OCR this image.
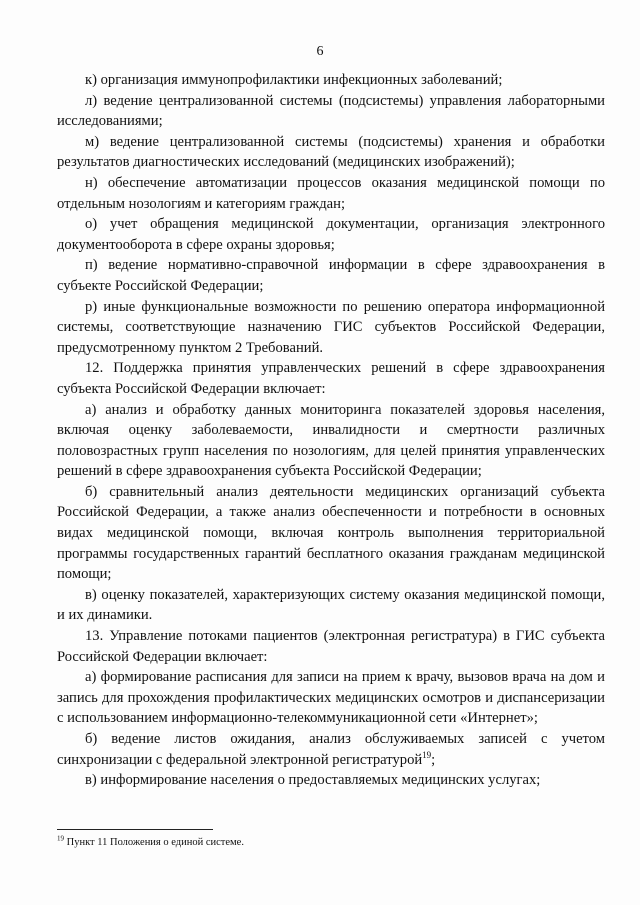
6

к) организация иммунопрофилактики инфекционных заболеваний;

л) ведение централизованной системы (подсистемы) управления лабораторными исследованиями;

м) ведение централизованной системы (подсистемы) хранения и обработки результатов диагностических исследований (медицинских изображений);

н) обеспечение автоматизации процессов оказания медицинской помощи по отдельным нозологиям и категориям граждан;

о) учет обращения медицинской документации, организация электронного документооборота в сфере охраны здоровья;

п) ведение нормативно-справочной информации в сфере здравоохранения в субъекте Российской Федерации;

р) иные функциональные возможности по решению оператора информационной системы, соответствующие назначению ГИС субъектов Российской Федерации, предусмотренному пунктом 2 Требований.

12. Поддержка принятия управленческих решений в сфере здравоохранения субъекта Российской Федерации включает:

а) анализ и обработку данных мониторинга показателей здоровья населения, включая оценку заболеваемости, инвалидности и смертности различных половозрастных групп населения по нозологиям, для целей принятия управленческих решений в сфере здравоохранения субъекта Российской Федерации;

б) сравнительный анализ деятельности медицинских организаций субъекта Российской Федерации, а также анализ обеспеченности и потребности в основных видах медицинской помощи, включая контроль выполнения территориальной программы государственных гарантий бесплатного оказания гражданам медицинской помощи;

в) оценку показателей, характеризующих систему оказания медицинской помощи, и их динамики.

13. Управление потоками пациентов (электронная регистратура) в ГИС субъекта Российской Федерации включает:

а) формирование расписания для записи на прием к врачу, вызовов врача на дом и запись для прохождения профилактических медицинских осмотров и диспансеризации с использованием информационно-телекоммуникационной сети «Интернет»;

б) ведение листов ожидания, анализ обслуживаемых записей с учетом синхронизации с федеральной электронной регистратурой$^{19}$;

в) информирование населения о предоставляемых медицинских услугах;

$^{19}$ Пункт 11 Положения о единой системе.
